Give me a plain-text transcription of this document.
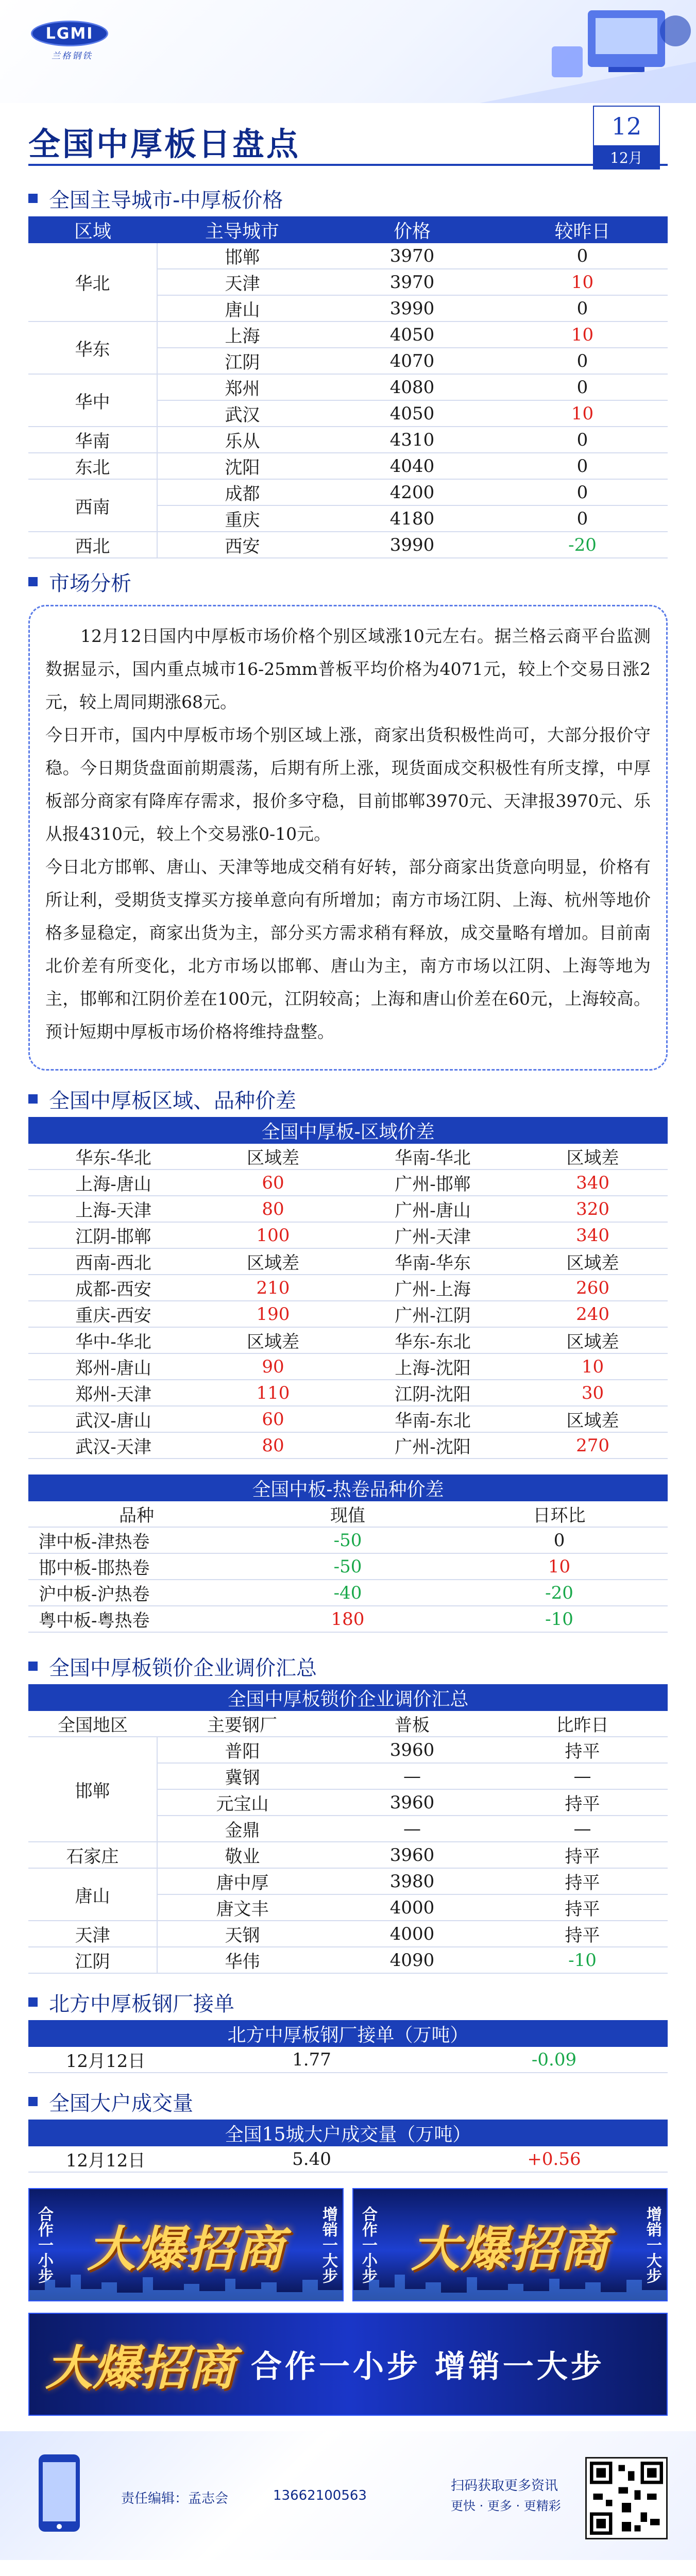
LGMI
兰格钢铁
全国中厚板日盘点	12
12月
全国主导城市-中厚板价格
区域	主导城市	价格	较昨日
华北	邯郸	3970	0
	天津	3970	10
	唐山	3990	0
华东	上海	4050	10
	江阴	4070	0
华中	郑州	4080	0
	武汉	4050	10
华南	乐从	4310	0
东北	沈阳	4040	0
西南	成都	4200	0
	重庆	4180	0
西北	西安	3990	-20
市场分析

12月12日国内中厚板市场价格个别区域涨10元左右。据兰格云商平台监测数据显示，国内重点城市16-25mm普板平均价格为4071元，较上个交易日涨2元，较上周同期涨68元。

今日开市，国内中厚板市场个别区域上涨，商家出货积极性尚可，大部分报价守稳。今日期货盘面前期震荡，后期有所上涨，现货面成交积极性有所支撑，中厚板部分商家有降库存需求，报价多守稳，目前邯郸3970元、天津报3970元、乐从报4310元，较上个交易涨0-10元。

今日北方邯郸、唐山、天津等地成交稍有好转，部分商家出货意向明显，价格有所让利，受期货支撑买方接单意向有所增加；南方市场江阴、上海、杭州等地价格多显稳定，商家出货为主，部分买方需求稍有释放，成交量略有增加。目前南北价差有所变化，北方市场以邯郸、唐山为主，南方市场以江阴、上海等地为主，邯郸和江阴价差在100元，江阴较高；上海和唐山价差在60元，上海较高。预计短期中厚板市场价格将维持盘整。

全国中厚板区域、品种价差
全国中厚板-区域价差			
华东-华北	区域差	华南-华北	区域差
上海-唐山	60	广州-邯郸	340
上海-天津	80	广州-唐山	320
江阴-邯郸	100	广州-天津	340
西南-西北	区域差	华南-华东	区域差
成都-西安	210	广州-上海	260
重庆-西安	190	广州-江阴	240
华中-华北	区域差	华东-东北	区域差
郑州-唐山	90	上海-沈阳	10
郑州-天津	110	江阴-沈阳	30
武汉-唐山	60	华南-东北	区域差
武汉-天津	80	广州-沈阳	270
全国中板-热卷品种价差		
品种	现值	日环比
津中板-津热卷	-50	0
邯中板-邯热卷	-50	10
沪中板-沪热卷	-40	-20
粤中板-粤热卷	180	-10
全国中厚板锁价企业调价汇总
全国中厚板锁价企业调价汇总			
全国地区	主要钢厂	普板	比昨日
邯郸	普阳	3960	持平
	冀钢	—	—
	元宝山	3960	持平
	金鼎	—	—
石家庄	敬业	3960	持平
唐山	唐中厚	3980	持平
	唐文丰	4000	持平
天津	天钢	4000	持平
江阴	华伟	4090	-10
北方中厚板钢厂接单
北方中厚板钢厂接单（万吨）
12月12日	1.77	-0.09
全国大户成交量
全国15城大户成交量（万吨）
12月12日	5.40	+0.56
合作一小步 大爆招商	增销一大步	合作一小步 大爆招商	增销一大步
大爆招商 合作一小步 增销一大步
责任编辑：孟志会	13662100563
扫码获取更多资讯
更快 · 更多 · 更精彩
